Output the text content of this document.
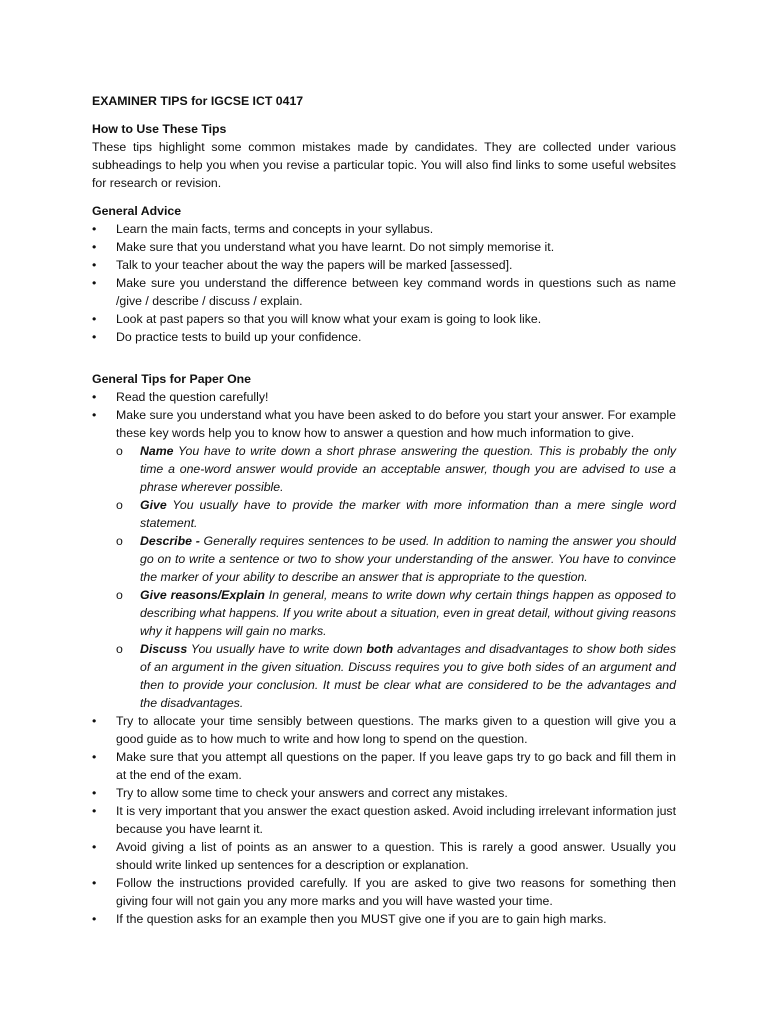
EXAMINER TIPS for IGCSE ICT 0417

How to Use These Tips

These tips highlight some common mistakes made by candidates. They are collected under various subheadings to help you when you revise a particular topic. You will also find links to some useful websites for research or revision.

General Advice

•	Learn the main facts, terms and concepts in your syllabus.
•	Make sure that you understand what you have learnt. Do not simply memorise it.
•	Talk to your teacher about the way the papers will be marked [assessed].
•	Make sure you understand the difference between key command words in questions such as name /give / describe / discuss / explain.
•	Look at past papers so that you will know what your exam is going to look like.
•	Do practice tests to build up your confidence.

General Tips for Paper One

•	Read the question carefully!
•	Make sure you understand what you have been asked to do before you start your answer. For example these key words help you to know how to answer a question and how much information to give.
o Name You have to write down a short phrase answering the question. This is probably the only time a one-word answer would provide an acceptable answer, though you are advised to use a phrase wherever possible.
o Give You usually have to provide the marker with more information than a mere single word statement.
o Describe - Generally requires sentences to be used. In addition to naming the answer you should go on to write a sentence or two to show your understanding of the answer. You have to convince the marker of your ability to describe an answer that is appropriate to the question.
o Give reasons/Explain In general, means to write down why certain things happen as opposed to describing what happens. If you write about a situation, even in great detail, without giving reasons why it happens will gain no marks.
o Discuss You usually have to write down both advantages and disadvantages to show both sides of an argument in the given situation. Discuss requires you to give both sides of an argument and then to provide your conclusion. It must be clear what are considered to be the advantages and the disadvantages.
•	Try to allocate your time sensibly between questions. The marks given to a question will give you a good guide as to how much to write and how long to spend on the question.
•	Make sure that you attempt all questions on the paper. If you leave gaps try to go back and fill them in at the end of the exam.
•	Try to allow some time to check your answers and correct any mistakes.
•	It is very important that you answer the exact question asked. Avoid including irrelevant information just because you have learnt it.
•	Avoid giving a list of points as an answer to a question. This is rarely a good answer. Usually you should write linked up sentences for a description or explanation.
•	Follow the instructions provided carefully. If you are asked to give two reasons for something then giving four will not gain you any more marks and you will have wasted your time.
•	If the question asks for an example then you MUST give one if you are to gain high marks.
